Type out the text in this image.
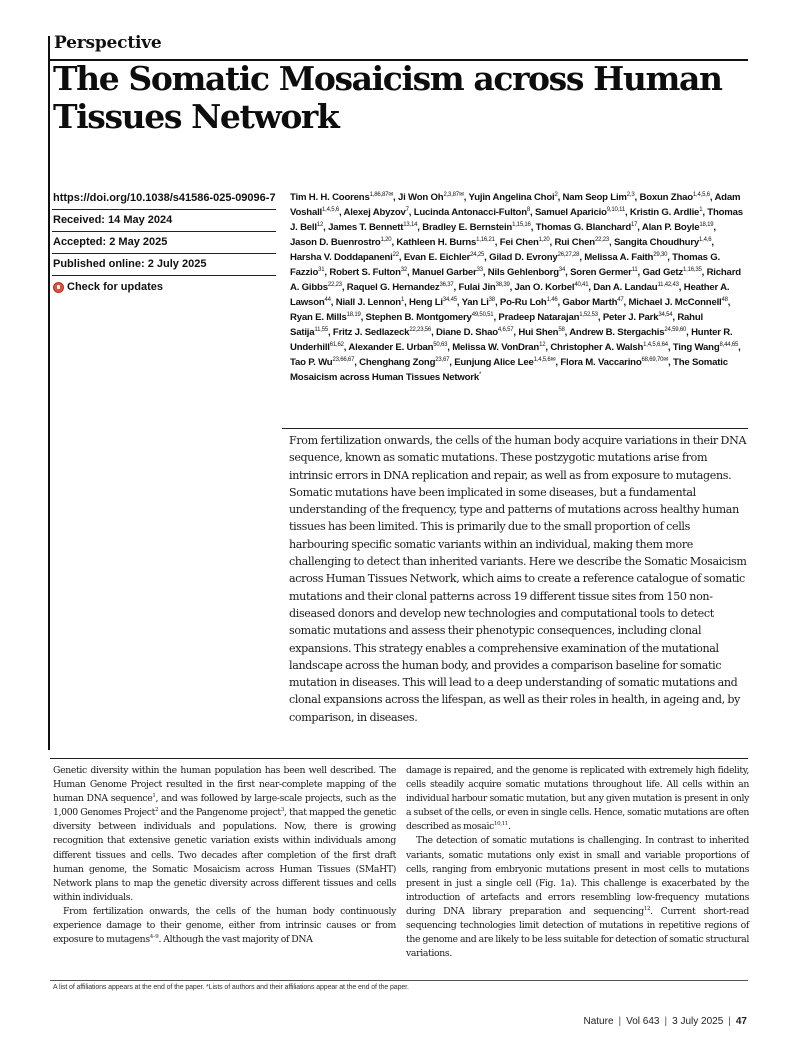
Perspective
The Somatic Mosaicism across Human Tissues Network
https://doi.org/10.1038/s41586-025-09096-7
Received: 14 May 2024
Accepted: 2 May 2025
Published online: 2 July 2025
Check for updates
Tim H. H. Coorens$^{1,86,87✉}$, Ji Won $Oh^{2,3,87✉}$, Yujin Angelina Choi$^2$, Nam Seop Lim$^{2,3}$, Boxun Zhao$^{1,4,5,6}$, Adam Voshall$^{1,4,5,6}$, Alexej Abyzov$^7$, Lucinda Antonacci-Fulton$^8$, Samuel Aparicio$^{9,10,11}$, Kristin G. Ardlie$^1$, Thomas J. Bell$^{12}$, James T. Bennett$^{13,14}$, Bradley E. Bernstein$^{1,15,16}$, Thomas G. Blanchard$^{17}$, Alan P. Boyle$^{18,19}$, Jason D. Buenrostro$^{1,20}$, Kathleen H. Burns$^{1,16,21}$, Fei Chen$^{1,20}$, Rui Chen$^{22,23}$, Sangita Choudhury$^{1,4,6}$, Harsha V. Doddapaneni$^{22}$, Evan E. Eichler$^{24,25}$, Gilad D. Evrony$^{26,27,28}$, Melissa A. Faith$^{29,30}$, Thomas G. Fazzio$^{31}$, Robert S. Fulton$^{32}$, Manuel Garber$^{33}$, Nils Gehlenborg$^{34}$, Soren Germer$^{11}$, Gad Getz$^{1,16,35}$, Richard A. Gibbs$^{22,23}$, Raquel G. Hernandez$^{36,37}$, Fulai Jin$^{38,39}$, Jan O. Korbel$^{40,41}$, Dan A. Landau$^{11,42,43}$, Heather A. Lawson$^{44}$, Niall J. Lennon$^1$, Heng Li$^{34,45}$, Yan Li$^{38}$, Po-Ru Loh$^{1,46}$, Gabor Marth$^{47}$, Michael J. McConnell$^{48}$, Ryan E. Mills$^{18,19}$, Stephen B. Montgomery$^{49,50,51}$, Pradeep Natarajan$^{1,52,53}$, Peter J. Park$^{34,54}$, Rahul Satija$^{11,55}$, Fritz J. Sedlazeck$^{22,23,56}$, Diane D. Shao$^{4,6,57}$, Hui Shen$^{58}$, Andrew B. Stergachis$^{24,59,60}$, Hunter R. Underhill$^{61,62}$, Alexander E. Urban$^{50,63}$, Melissa W. VonDran$^{12}$, Christopher A. Walsh$^{1,4,5,6,64}$, Ting Wang$^{8,44,65}$, Tao P. Wu$^{23,66,67}$, Chenghang Zong$^{23,67}$, Eunjung Alice Lee$^{1,4,5,6✉}$, Flora M. Vaccarino$^{68,69,70✉}$, The Somatic Mosaicism across Human Tissues Network*

From fertilization onwards, the cells of the human body acquire variations in their DNA sequence, known as somatic mutations. These postzygotic mutations arise from intrinsic errors in DNA replication and repair, as well as from exposure to mutagens. Somatic mutations have been implicated in some diseases, but a fundamental understanding of the frequency, type and patterns of mutations across healthy human tissues has been limited. This is primarily due to the small proportion of cells harbouring specific somatic variants within an individual, making them more challenging to detect than inherited variants. Here we describe the Somatic Mosaicism across Human Tissues Network, which aims to create a reference catalogue of somatic mutations and their clonal patterns across 19 different tissue sites from 150 non-diseased donors and develop new technologies and computational tools to detect somatic mutations and assess their phenotypic consequences, including clonal expansions. This strategy enables a comprehensive examination of the mutational landscape across the human body, and provides a comparison baseline for somatic mutation in diseases. This will lead to a deep understanding of somatic mutations and clonal expansions across the lifespan, as well as their roles in health, in ageing and, by comparison, in diseases.

Genetic diversity within the human population has been well described. The Human Genome Project resulted in the first near-complete mapping of the human DNA sequence$^1$, and was followed by large-scale projects, such as the 1,000 Genomes Project$^2$ and the Pangenome project$^3$, that mapped the genetic diversity between individuals and populations. Now, there is growing recognition that extensive genetic variation exists within individuals among different tissues and cells. Two decades after completion of the first draft human genome, the Somatic Mosaicism across Human Tissues (SMaHT) Network plans to map the genetic diversity across different tissues and cells within individuals.

From fertilization onwards, the cells of the human body continuously experience damage to their genome, either from intrinsic causes or from exposure to mutagens$^{4-9}$. Although the vast majority of DNA

damage is repaired, and the genome is replicated with extremely high fidelity, cells steadily acquire somatic mutations throughout life. All cells within an individual harbour somatic mutation, but any given mutation is present in only a subset of the cells, or even in single cells. Hence, somatic mutations are often described as mosaic$^{10,11}$.

The detection of somatic mutations is challenging. In contrast to inherited variants, somatic mutations only exist in small and variable proportions of cells, ranging from embryonic mutations present in most cells to mutations present in just a single cell (Fig. 1a). This challenge is exacerbated by the introduction of artefacts and errors resembling low-frequency mutations during DNA library preparation and sequencing$^{12}$. Current short-read sequencing technologies limit detection of mutations in repetitive regions of the genome and are likely to be less suitable for detection of somatic structural variations.

A list of affiliations appears at the end of the paper. *Lists of authors and their affiliations appear at the end of the paper.
Nature | Vol 643 | 3 July 2025 | 47
